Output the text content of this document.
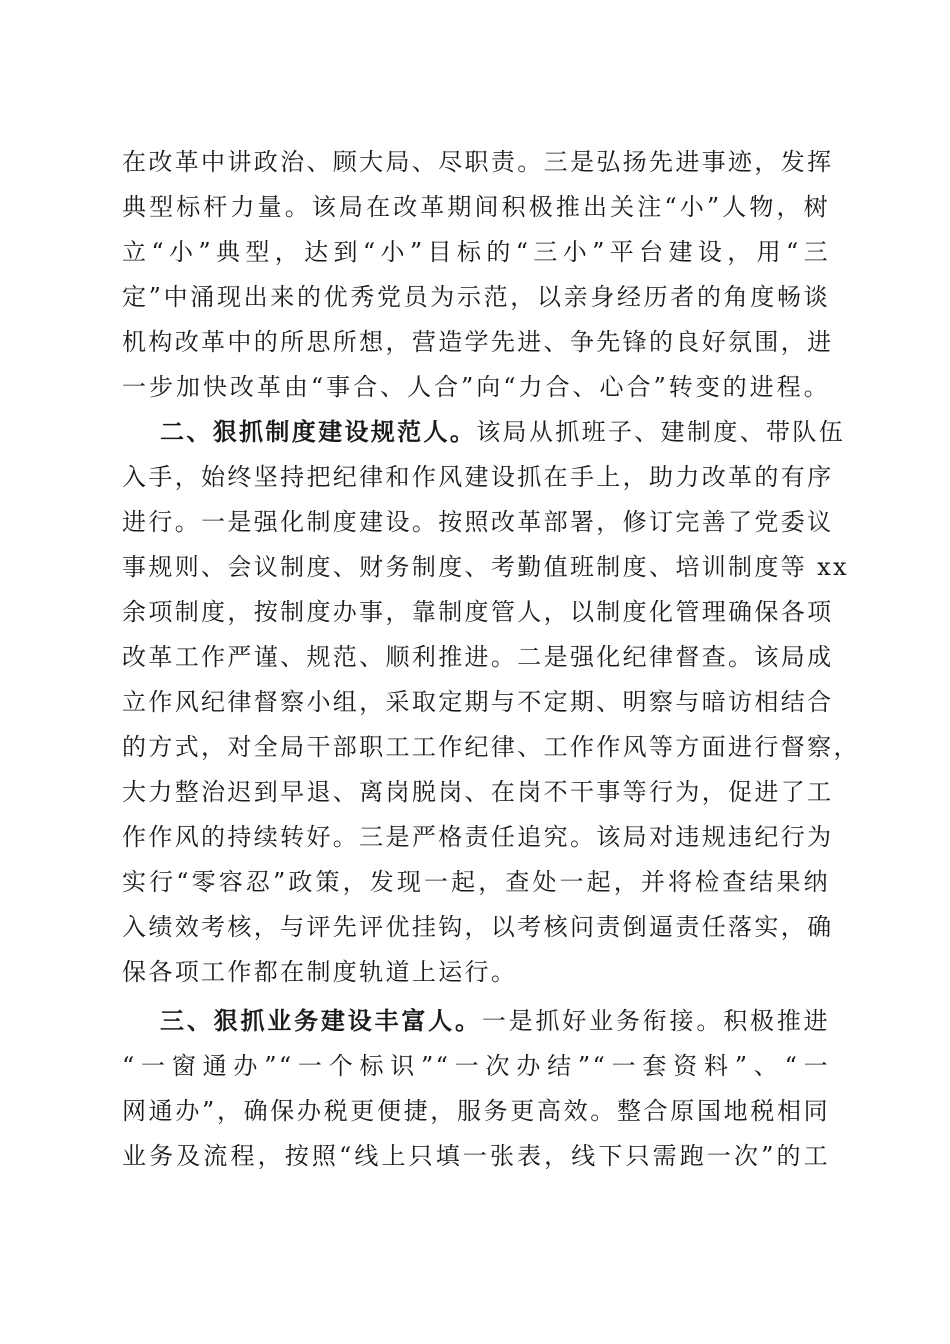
在改革中讲政治、顾大局、尽职责。三是弘扬先进事迹，发挥
典型标杆力量。该局在改革期间积极推出关注“小”人物，树
立“小”典型，达到“小”目标的“三小”平台建设，用“三
定”中涌现出来的优秀党员为示范，以亲身经历者的角度畅谈
机构改革中的所思所想，营造学先进、争先锋的良好氛围，进
一步加快改革由“事合、人合”向“力合、心合”转变的进程。
二、狠抓制度建设规范人。该局从抓班子、建制度、带队伍
入手，始终坚持把纪律和作风建设抓在手上，助力改革的有序
进行。一是强化制度建设。按照改革部署，修订完善了党委议
事规则、会议制度、财务制度、考勤值班制度、培训制度等 xx
余项制度，按制度办事，靠制度管人，以制度化管理确保各项
改革工作严谨、规范、顺利推进。二是强化纪律督查。该局成
立作风纪律督察小组，采取定期与不定期、明察与暗访相结合
的方式，对全局干部职工工作纪律、工作作风等方面进行督察，
大力整治迟到早退、离岗脱岗、在岗不干事等行为，促进了工
作作风的持续转好。三是严格责任追究。该局对违规违纪行为
实行“零容忍”政策，发现一起，查处一起，并将检查结果纳
入绩效考核，与评先评优挂钩，以考核问责倒逼责任落实，确
保各项工作都在制度轨道上运行。
三、狠抓业务建设丰富人。一是抓好业务衔接。积极推进
“一窗通办”“一个标识”“一次办结”“一套资料”、“一
网通办”，确保办税更便捷，服务更高效。整合原国地税相同
业务及流程，按照“线上只填一张表，线下只需跑一次”的工
